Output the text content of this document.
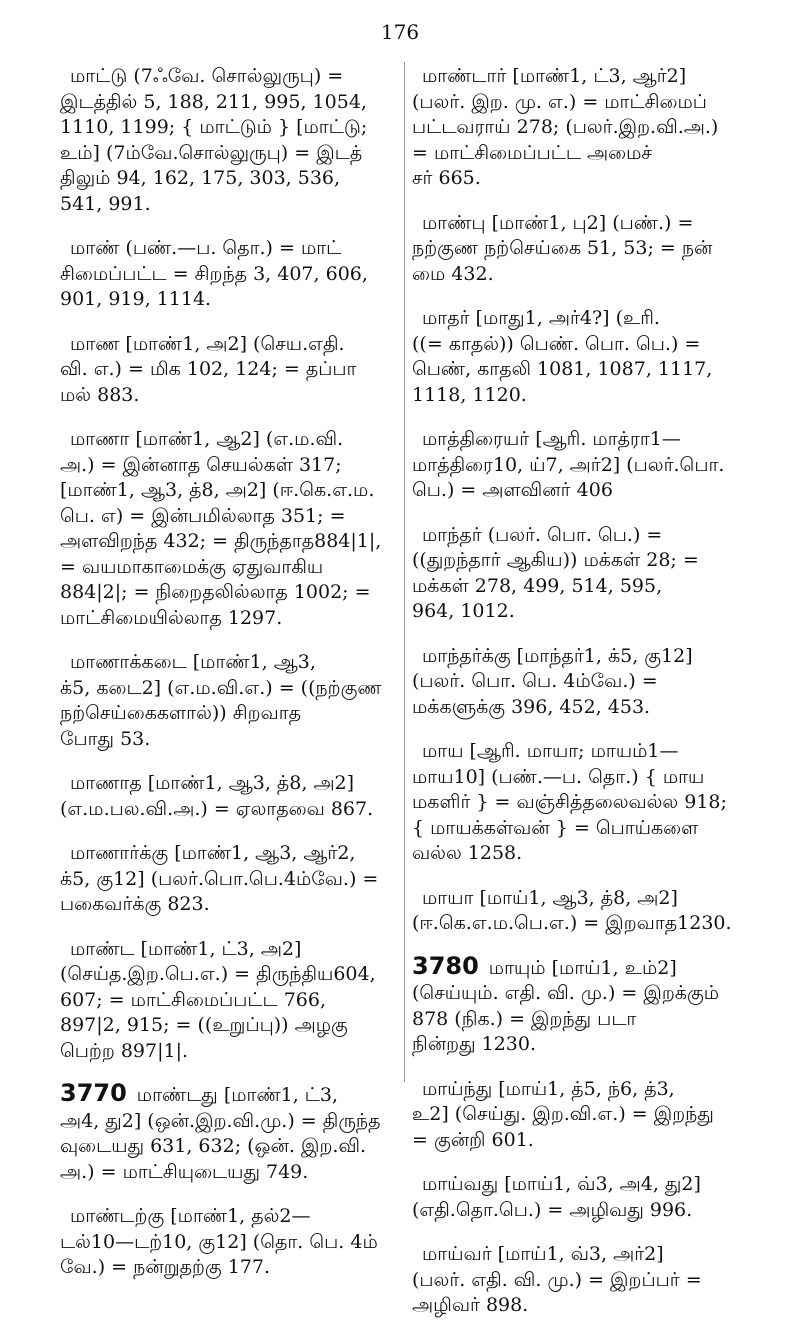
176

மாட்டு (7ஃவே. சொல்லுருபு) =
இடத்தில் 5, 188, 211, 995, 1054,
1110, 1199; { மாட்டும் } [மாட்டு;
உம்] (7ம்வே.சொல்லுருபு) = இடத்
திலும் 94, 162, 175, 303, 536,
541, 991.

மாண் (பண்.—ப. தொ.) = மாட்
சிமைப்பட்ட = சிறந்த 3, 407, 606,
901, 919, 1114.

மாண [மாண்1, அ2] (செய.எதி.
வி. எ.) = மிக 102, 124; = தப்பா
மல் 883.

மாணா [மாண்1, ஆ2] (எ.ம.வி.
அ.) = இன்னாத செயல்கள் 317;
[மாண்1, ஆ3, த்8, அ2] (ஈ.கெ.எ.ம.
பெ. எ) = இன்பமில்லாத 351; =
அளவிறந்த 432; = திருந்தாத884|1|,
= வயமாகாமைக்கு ஏதுவாகிய
884|2|; = நிறைதலில்லாத 1002; =
மாட்சிமையில்லாத 1297.

மாணாக்கடை [மாண்1, ஆ3,
க்5, கடை2] (எ.ம.வி.எ.) = ((நற்குண
நற்செய்கைகளால்)) சிறவாத
போது 53.

மாணாத [மாண்1, ஆ3, த்8, அ2]
(எ.ம.பல.வி.அ.) = ஏலாதவை 867.

மாணார்க்கு [மாண்1, ஆ3, ஆர்2,
க்5, கு12] (பலர்.பொ.பெ.4ம்வே.) =
பகைவர்க்கு 823.

மாண்ட [மாண்1, ட்3, அ2]
(செய்த.இற.பெ.எ.) = திருந்திய604,
607; = மாட்சிமைப்பட்ட 766,
897|2, 915; = ((உறுப்பு)) அழகு
பெற்ற 897|1|.

3770 மாண்டது [மாண்1, ட்3,
அ4, து2] (ஒன்.இற.வி.மு.) = திருந்த
வுடையது 631, 632; (ஒன். இற.வி.
அ.) = மாட்சியுடையது 749.

மாண்டற்கு [மாண்1, தல்2—
டல்10—டற்10, கு12] (தொ. பெ. 4ம்
வே.) = நன்றுதற்கு 177.

மாண்டார் [மாண்1, ட்3, ஆர்2]
(பலர். இற. மு. எ.) = மாட்சிமைப்
பட்டவராய் 278; (பலர்.இற.வி.அ.)
= மாட்சிமைப்பட்ட அமைச்
சர் 665.

மாண்பு [மாண்1, பு2] (பண்.) =
நற்குண நற்செய்கை 51, 53; = நன்
மை 432.

மாதர் [மாது1, அர்4?] (உரி.
((= காதல்)) பெண். பொ. பெ.) =
பெண், காதலி 1081, 1087, 1117,
1118, 1120.

மாத்திரையர் [ஆரி. மாத்ரா1—
மாத்திரை10, ய்7, அர்2] (பலர்.பொ.
பெ.) = அளவினர் 406

மாந்தர் (பலர். பொ. பெ.) =
((துறந்தார் ஆகிய)) மக்கள் 28; =
மக்கள் 278, 499, 514, 595,
964, 1012.

மாந்தர்க்கு [மாந்தர்1, க்5, கு12]
(பலர். பொ. பெ. 4ம்வே.) =
மக்களுக்கு 396, 452, 453.

மாய [ஆரி. மாயா; மாயம்1—
மாய10] (பண்.—ப. தொ.) { மாய
மகளிர் } = வஞ்சித்தலைவல்ல 918;
{ மாயக்கள்வன் } = பொய்களை
வல்ல 1258.

மாயா [மாய்1, ஆ3, த்8, அ2]
(ஈ.கெ.எ.ம.பெ.எ.) = இறவாத1230.

3780 மாயும் [மாய்1, உம்2]
(செய்யும். எதி. வி. மு.) = இறக்கும்
878 (நிக.) = இறந்து படா
நின்றது 1230.

மாய்ந்து [மாய்1, த்5, ந்6, த்3,
உ2] (செய்து. இற.வி.எ.) = இறந்து
= குன்றி 601.

மாய்வது [மாய்1, வ்3, அ4, து2]
(எதி.தொ.பெ.) = அழிவது 996.

மாய்வர் [மாய்1, வ்3, அர்2]
(பலர். எதி. வி. மு.) = இறப்பர் =
அழிவர் 898.
